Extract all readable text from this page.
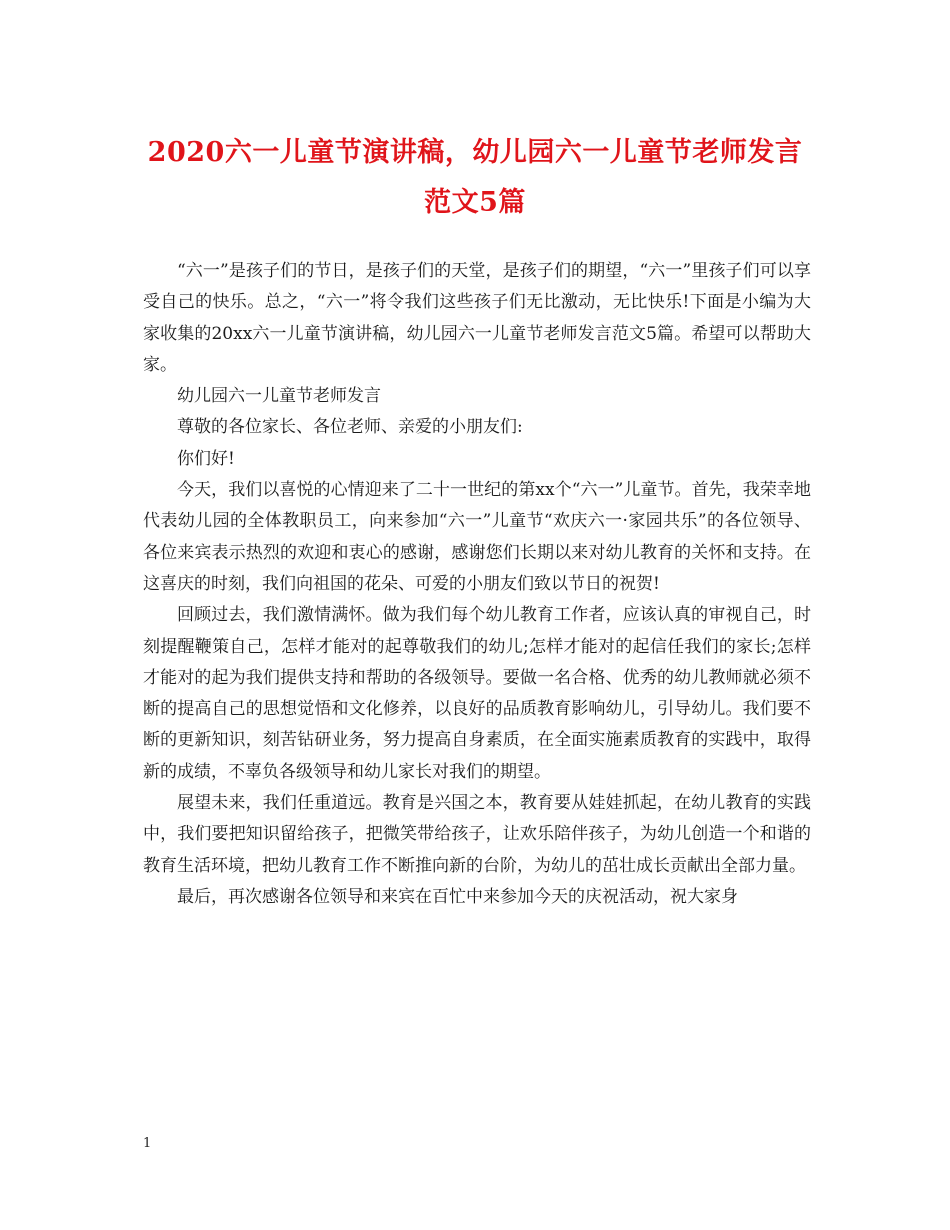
2020六一儿童节演讲稿，幼儿园六一儿童节老师发言范文5篇

“六一”是孩子们的节日，是孩子们的天堂，是孩子们的期望，“六一”里孩子们可以享受自己的快乐。总之，“六一”将令我们这些孩子们无比激动，无比快乐!下面是小编为大家收集的20xx六一儿童节演讲稿，幼儿园六一儿童节老师发言范文5篇。希望可以帮助大家。

幼儿园六一儿童节老师发言

尊敬的各位家长、各位老师、亲爱的小朋友们:

你们好!

今天，我们以喜悦的心情迎来了二十一世纪的第xx个“六一”儿童节。首先，我荣幸地代表幼儿园的全体教职员工，向来参加“六一”儿童节“欢庆六一·家园共乐”的各位领导、各位来宾表示热烈的欢迎和衷心的感谢，感谢您们长期以来对幼儿教育的关怀和支持。在这喜庆的时刻，我们向祖国的花朵、可爱的小朋友们致以节日的祝贺!

回顾过去，我们激情满怀。做为我们每个幼儿教育工作者，应该认真的审视自己，时刻提醒鞭策自己，怎样才能对的起尊敬我们的幼儿;怎样才能对的起信任我们的家长;怎样才能对的起为我们提供支持和帮助的各级领导。要做一名合格、优秀的幼儿教师就必须不断的提高自己的思想觉悟和文化修养，以良好的品质教育影响幼儿，引导幼儿。我们要不断的更新知识，刻苦钻研业务，努力提高自身素质，在全面实施素质教育的实践中，取得新的成绩，不辜负各级领导和幼儿家长对我们的期望。

展望未来，我们任重道远。教育是兴国之本，教育要从娃娃抓起，在幼儿教育的实践中，我们要把知识留给孩子，把微笑带给孩子，让欢乐陪伴孩子，为幼儿创造一个和谐的教育生活环境，把幼儿教育工作不断推向新的台阶，为幼儿的茁壮成长贡献出全部力量。

最后，再次感谢各位领导和来宾在百忙中来参加今天的庆祝活动，祝大家身

1
